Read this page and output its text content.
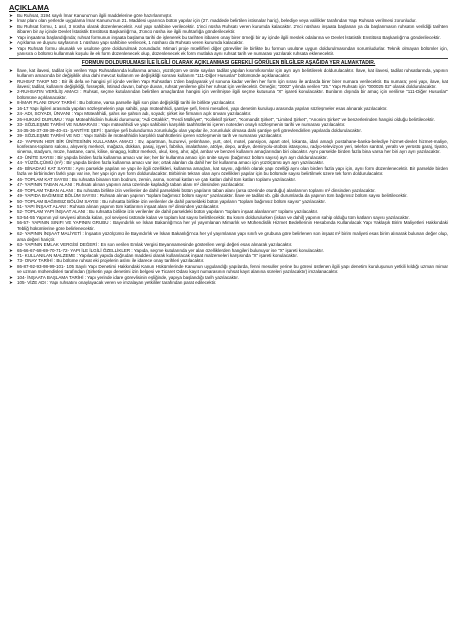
AÇIKLAMA
➤ Bu Ruhsat, 3194 sayılı İmar Kanunu'nun ilgili maddelerine göre hazırlanmıştır.
➤ İmar planı olan yerlerde uygulama İmar Kanunu'nun 21. Maddesi uyarınca bütün yapılar için (27. maddede belirtilen istisnalar hariç), belediye veya valilikler tarafından Yapı Ruhsatı verilmesi zorunludur.
➤ Bu Ruhsat formu, 1 asıl, 3 nüsha olarak düzenlenecektir. Asıl yapı sahibine verilecektir. 1'inci nüsha Ruhsatı veren kurumda kalacaktır. 2'nci nüshası inşaata başlanan ya da başlanmasın ruhsatın verildiği tarihten itibaren bir ay içinde Devlet İstatistik Enstitüsü Başkanlığı'na, 3'üncü nüsha ise ilgili muhtarlığa gönderilecektir.
➤ Yapı inşaatına başlandığında; ruhsat formunun inşaata başlama tarihi de işlenerek bu tarihten itibaren onay birer örneği bir ay içinde ilgili meslek odalarına ve Devlet İstatistik Enstitüsü Başkanlığı'na gönderilecektir.
➤ Açıklama ve duyuru sayfasının 1 nüshası yapı sahibine verilecek, 1 nüshası da Ruhsatı veren kurumda kalacaktır.
➤ Yapı Ruhsatı formu okunaklı ve usulüne göre doldurulmak zorundadır. Mimari proje müellifleri diğer görevliler ile birlikte bu formun usulüne uygun doldurulmasından sorumludurlar. Teknik olmayan bölümler için, yanısıra o bölümü kullanmak koşulu ile ek form düzenlenecek olup, düzenlenecek ek form mutlaka aynı ruhsat tarih ve numarası yazılarak ruhsata eklenecektir.
FORMUN DOLDURULMASI İLE İLGİLİ OLARAK AÇIKLANMASI GEREKLİ GÖRÜLEN BİLGİLER AŞAĞIDA YER ALMAKTADIR.
➤ İlave, kat ilavesi, tadilat için verilen Yapı Ruhsatlarında kullanma amacı, yüzölçüm ve ünite sayıları tadilat yapılan kısım/kısımlar için ayrı ayrı belirtilerek doldurulacaktır. İlave, kat ilavesi, tadilat ruhsatlarında, yapının kullanım amacında bir değişiklik olsa dahi mevcut kullanım ve değişikliği sonrası kullanım "111-Diğer Hususlar" bölümünde açıklanacaktır.
➤ RUHSAT TAKIP NO : Bir ilk defa ve hangisi yıl içinde verilen Yapı Ruhsatları 1'den başlayarak yıl sonuna kadar verilen her form için sırası ile ardarda birer birer numara verilecektir. Bu numara; yeni yapı, ilave, kat ilavesi; tadilat, kullanım değişikliği, fosseptik, İstinad duvarı, bahçe duvarı, ruhsat yenileme gibi her ruhsat için verilecektir. Örneğin; "2002" yılında verilen "25." Yapı Ruhsatı için "000025 02" olarak doldurulacaktır.
➤ 2-RUHSATIN VERİLİŞ AMACI : Ruhsat, seçme kutularından belirtilen amaçlardan hangisi için verilmişse ilgili seçme kutusuna "X" işareti konulacaktır. Bunların dışında bir amaç için verilirse "111-Diğer Hususlar" bölümüne açıklanacaktır.
➤ 8-İMAR PLANI ONAY TARİHİ : Bu bölüme, varsa parselle ilgili son plan değişikliği tarihi ile birlikte yazılacaktır.
➤ 16-17 Yapı ilgileri arasında yapılan sözleşmelerin yapı sahibi, yapı müteahhidi, şantiye şefi, fenni mesulleri, yapı denetim kuruluşu arasında yapılan sözleşmeler esas alınarak yazılacaktır.
➤ 24- ADI, SOYADI, ÜNVANI : Yapı Müteahhidi, şahıs ise şahsın adı, soyadı; şirket ise firmanın açık ünvanı yazılacaktır.
➤ 26-HUKUKİ DURUMU : Yapı Müteahhidinin hukuki durumuna; "Adi Ortaklık", "Ferdi Mülkiyet", "Kollektif Şirket", "Komandit Şirket", "Limited Şirket", "Anonim Şirket" ve benzerlerinden hangisi olduğu belirtilecektir.
➤ 33- SÖZLEŞME TARİHİ VE NUMARASI : Yapı müteahhidi ve yapı sahibinin karşılıklı taahhütlerini içeren noterden onaylı sözleşmenin tarihi ve numarası yazılacaktır.
➤ 34-35-36-37-38-39-40-41- ŞANTİYE ŞEFİ : Şantiye şefi bulundurma zorunluluğu olan yapılar ile, zorunluluk olmasa dahi şantiye şefi görevlendirilen yapılarda doldurulacaktır.
➤ 39- SÖZLEŞME TARİHİ VE NO : Yapı Sahibi ile müteahhidin karşılıklı taahhütlerini içeren sözleşmenin tarih ve numarası yazılacaktır.
➤ 42- YAPININ HER BİR ÜNİTESİNİN KULLANMA AMACI : Ev, apartman, huzurevi, yetimhane, yurt, otel, motel, pansiyon, apart otel, lokanta, idari amaçlı postahane-banka-belediye hizmet-devlet hizmet-maliye, konferans-toplantı salonu, alışveriş merkezi, mağaza, dükkan, pasaj, işyeri, fabrika, imalathane, atölye, depo, ardiye, demiryolu-otobüs istasyonu, radyo-televizyon yeri, telefon santral, yeraltı ve yerüstü garaj, tiyatro, sinema, stadyum, müze, hastane, cami, kilise, sinagog, kültür merkezi, okul, kreş, ahır, ağıl, ambar ve benzeri kullanım amaçlarından biri olacaktır. Aynı parselde birden fazla bina varsa her biri ayrı ayrı yazılacaktır.
➤ 43- ÜNİTE SAYISI : Bir yapıda birden fazla kullanma amacı var ise; her bir kullanma amacı için ünite sayısı (bağımsız bölüm sayısı) ayrı ayrı doldurulacaktır.
➤ 44- YÜZÖLÇÜMÜ (m²) : Bir yapıda birden fazla kullanma amacı var ise; ortak alanları da dahil her bir kullanma amacı için yüzölçümü ayrı ayrı yazılacaktır.
➤ 45- BİNADAKİ KAT SAYISI : Aynı parselde yapılan ve yapı ile ilgili özellikleri, kullanma amaçları, kat sayısı, ağırlıklı olarak yapı özelliği aynı olan birden fazla yapı için, aynı form düzenlenecektir. Bir parselde birden fazla ve birbirinden farklı yapı var ise, her yapı için ayrı form doldurulacaktır. Birbirinin tekrarı olan aynı özellikleri yapılar için bu bölümde sayısı belirtilmek üzere tek form doldurulacaktır.
➤ 46- TOPLAM KAT SAYISI : Bu ruhsatta binanın tüm bodrum, zemin, asma, normal katları ve çatı katları dahil tüm katları toplamı yazılacaktır.
➤ 47- YAPININ TABAN ALANI : Ruhsatı alınan yapının arsa üzerinde kapladığı taban alanı m² dinsinden yazılacaktır.
➤ 48- TOPLAM TABAN ALANI : Bu ruhsatta birlikte izin verilenler de dahil parseldeki bütün yapıların taban alanı (arsa üzerinde oturduğu) alanlarının toplamı m² dinsinden yazılacaktır.
➤ 49- YAPIDA BAĞIMSIZ BÖLÜM SAYISI : Ruhsatı alınan yapının "toplam bağımsız bölüm sayısı" yazılacaktır. İlave ve tadilat vb. gibi durumlarda da yapının tüm bağımsız bölüm sayısı belirtilecektir.
➤ 50- TOPLAM BAĞIMSIZ BÖLÜM SAYISI : Bu ruhsatta birlikte izin verilenler de dahil parseldeki bütün yapıların "toplam bağımsız bölüm sayısı" yazılacaktır.
➤ 51- YAPI İNŞAAT ALANI : Ruhsatı alınan yapının tüm katlarının inşaat alanı m² dinsinden yazılacaktır.
➤ 52- TOPLAM YAPI İNŞAAT ALANI : Bu ruhsatta birlikte izin verilenler de dahil parseldeki bütün yapıların "toplam inşaat alanlarının" toplamı yazılacaktır.
➤ 53-54-55 Yapının yol seviyesi altında kalan, yol seviyesi üstünde kalan ve toplam kat sayısı belirtilecektir. Bu kısım doldurulurken (iskan ve dahil) yapının sahip olduğu tüm katların sayısı yazılacaktır.
➤ 56-57- YAPININ SINIFI VE YAPININ GRUBU : Bayındırlık ve İskan Bakanlığı'nca her yıl yayımlanan Mimarlık ve Mühendislik Hizmet Bedellerinin Hesabında Kullanılacak Yapı Yaklaşık Birim Maliyetleri Hakkındaki Tebliğ hükümlerine göre belirlenecektir.
➤ 62- YAPININ İNŞAAT MALİYETİ : İnşaatın yüzölçümü ile Bayındırlık ve İskan Bakanlığı'nca her yıl yayımlanan yapı sınıfı ve grubuna göre belirlenen son inşaat m² birim maliyeti esas birim alınarak bulunan değer olup, arsa değeri hariçtir.
➤ 63- YAPININ EMLAK VERGİSİ DEĞERİ : En son verilen Emlak Vergisi Beyannamesinde gösterilen vergi değeri esas alınarak yazılacaktır.
➤ 65-66-67-68-69-70-71-72- YAPI İLE İLGİLİ ÖZELLİKLER : Yapıda, seçme kutularında yer alan özelliklerden hangileri bulunuyor ise "X" işareti konulacaktır.
➤ 71- KULLANILAN MALZEME : Yapılacak yapıda doğrudan maddesi olarak kullanılacak inşaat malzemeleri karşısında "X" işareti konulacaktır.
➤ 73- ONAY TARİHİ : Bu bölüme ruhsat eki projelerin aslını ile idarece onay tarihleri yazılacaktır.
➤ 86-87-92-93-98-99-101- 105 Sayılı Yapı Denetimi Hakkındaki Kanun Hükümlerinde Kanunun uygulandığı yapılarda, fenni mesuller yerine bu görevi üstlenen ilgili yapı denetim kuruluşunun yetkili kıldığı uzman mimar ve uzman mühendisleri tarafından (Şirketin yapı denetimi izin belgesi ve Ticaret Odası kayıt numarasının ruhsat kayıt alanına süreleri yazılacaktır) imzalanacaktır.
➤ 104- İNŞAATA BAŞLAMA TARİHİ : Yapı yerinde idare görevlisinin eşliğinde, yapıya başlandığı tarih yazılacaktır.
➤ 105- VİZE ADI : Yapı ruhsatını onaylayacak veren ve imzalayan yetkililer tarafından parat edilecektir.
